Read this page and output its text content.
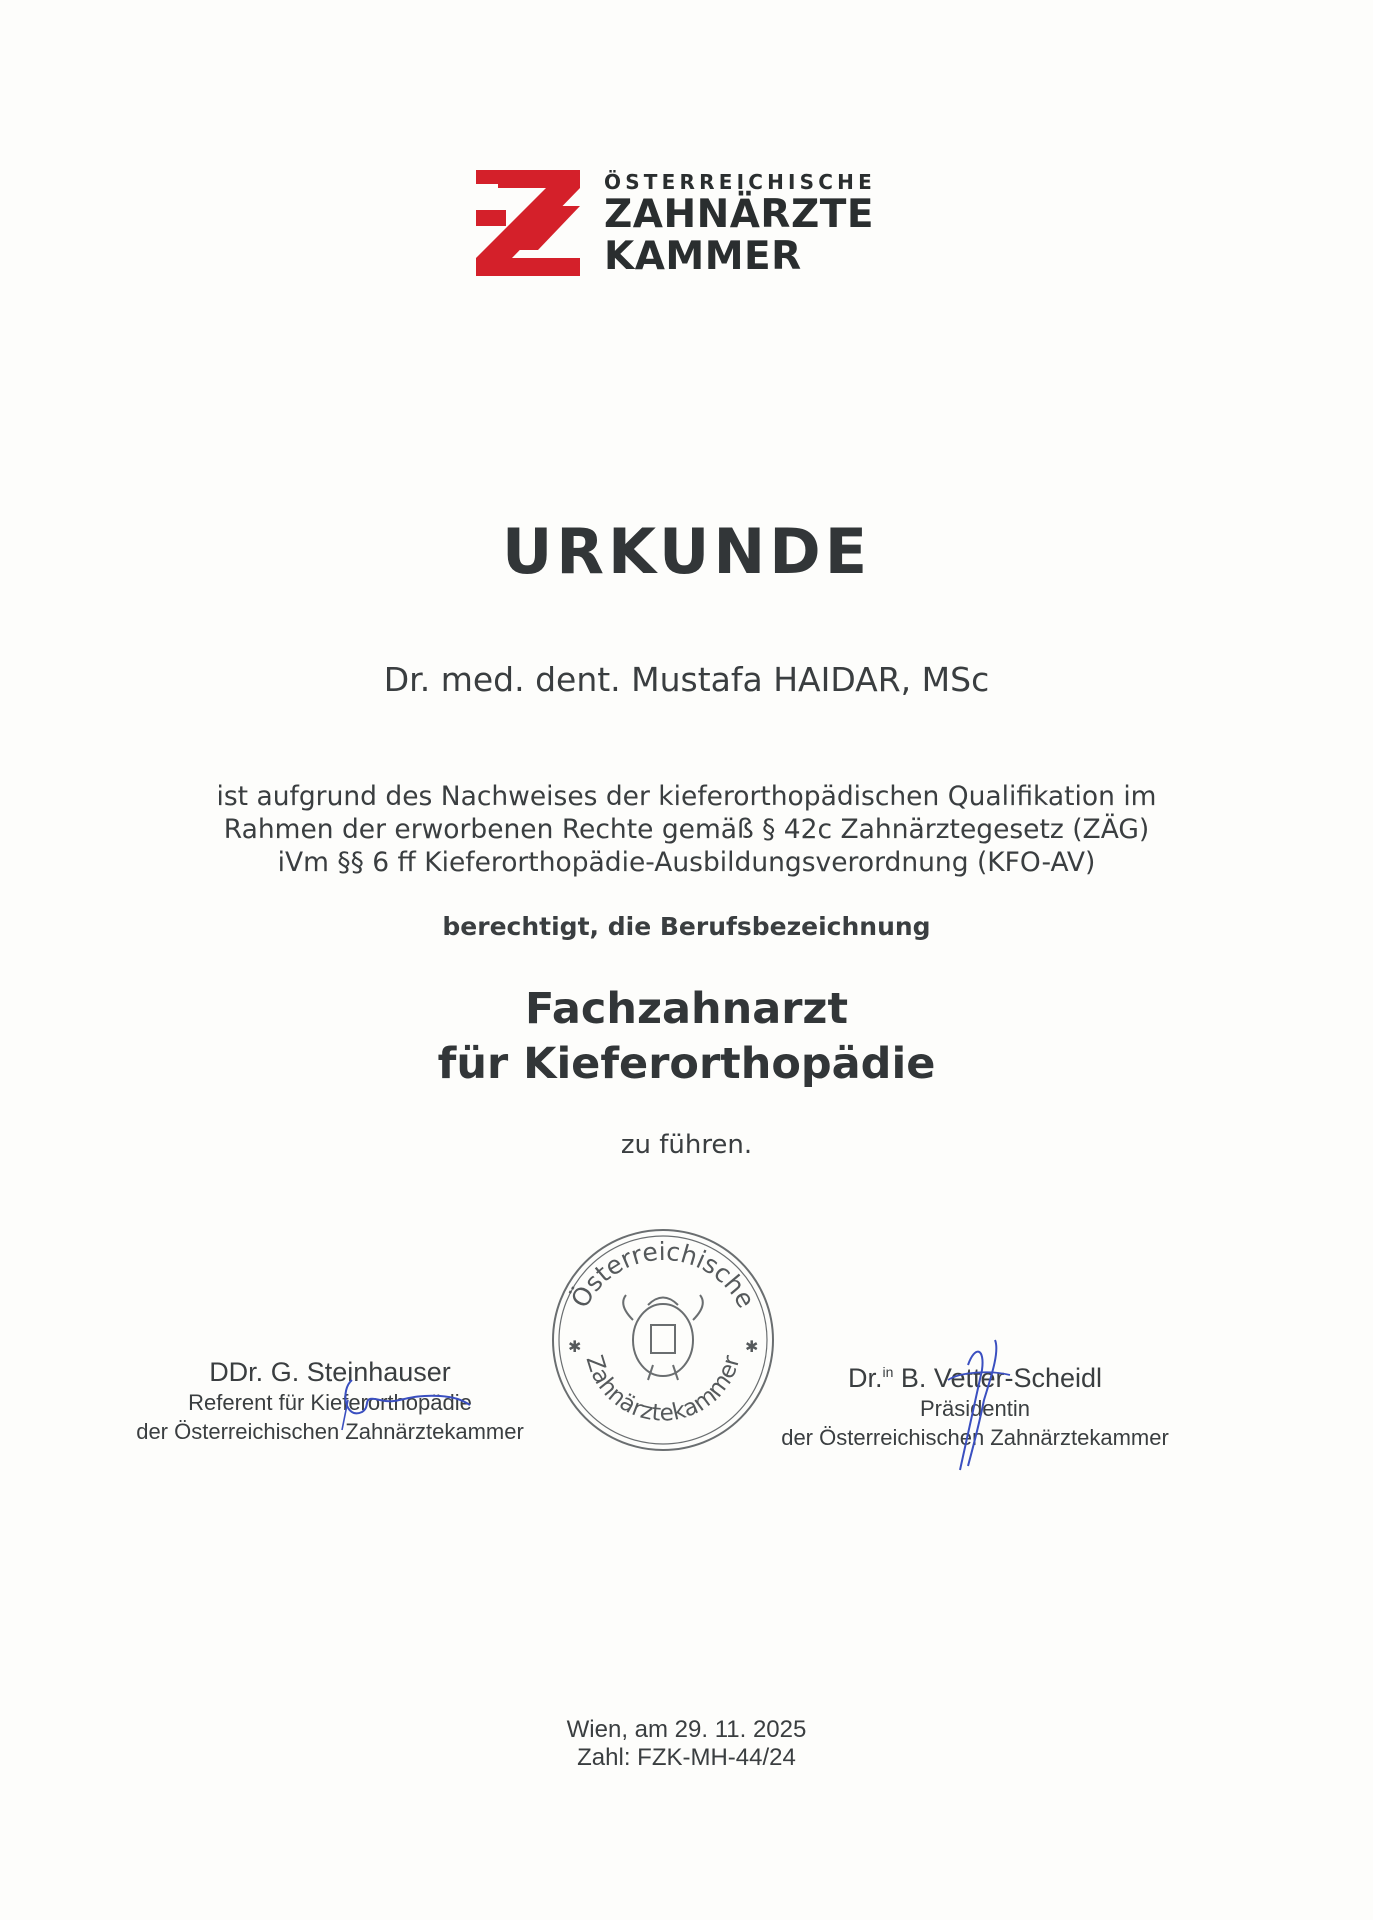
ÖSTERREICHISCHE
ZAHNÄRZTE
KAMMER
URKUNDE
Dr. med. dent. Mustafa HAIDAR, MSc
ist aufgrund des Nachweises der kieferorthopädischen Qualifikation im
Rahmen der erworbenen Rechte gemäß § 42c Zahnärztegesetz (ZÄG)
iVm §§ 6 ff Kieferorthopädie-Ausbildungsverordnung (KFO-AV)
berechtigt, die Berufsbezeichnung
Fachzahnarzt
für Kieferorthopädie
zu führen.
Österreichische
Zahnärztekammer
✱	✱
DDr. G. Steinhauser
Referent für Kieferorthopädie
der Österreichischen Zahnärztekammer
Dr.$^{in}$ B. Vetter-Scheidl
Präsidentin
der Österreichischen Zahnärztekammer
Wien, am 29. 11. 2025
Zahl: FZK-MH-44/24
